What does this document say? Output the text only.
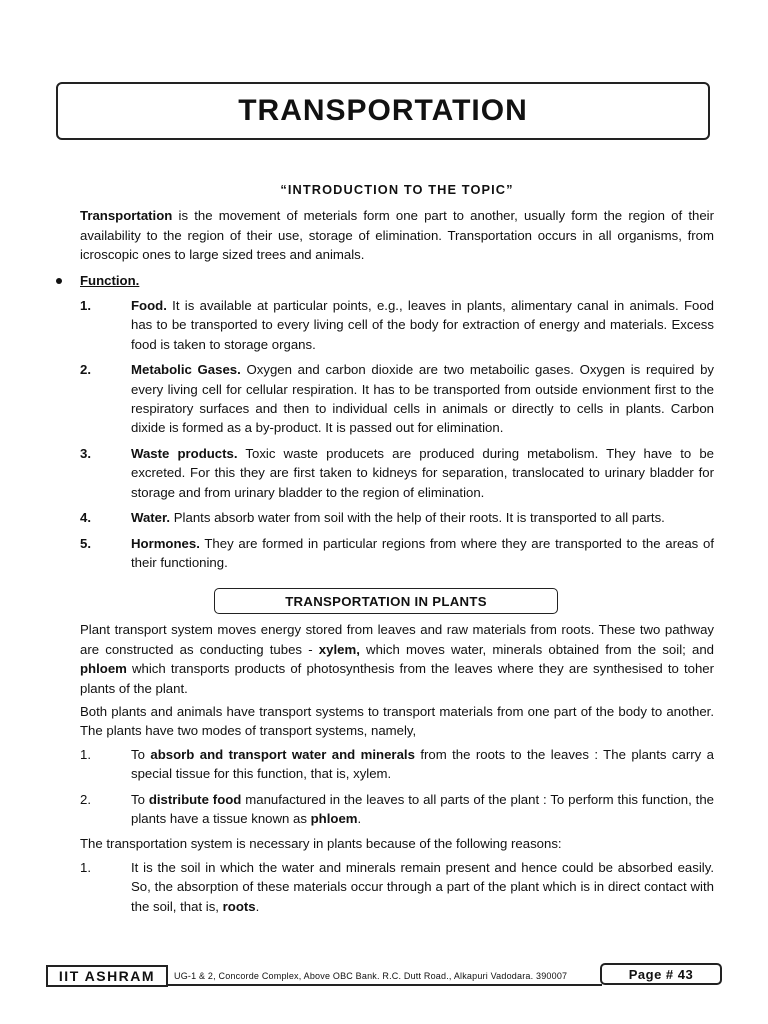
TRANSPORTATION
“INTRODUCTION TO THE TOPIC”

Transportation is the movement of meterials form one part to another, usually form the region of their availability to the region of their use, storage of elimination. Transportation occurs in all organisms, from icroscopic ones to large sized trees and animals.

Function.
1.	Food. It is available at particular points, e.g., leaves in plants, alimentary canal in animals. Food has to be transported to every living cell of the body for extraction of energy and materials. Excess food is taken to storage organs.
2.	Metabolic Gases. Oxygen and carbon dioxide are two metaboilic gases. Oxygen is required by every living cell for cellular respiration. It has to be transported from outside envionment first to the respiratory surfaces and then to individual cells in animals or directly to cells in plants. Carbon dixide is formed as a by-product. It is passed out for elimination.
3.	Waste products. Toxic waste producets are produced during metabolism. They have to be excreted. For this they are first taken to kidneys for separation, translocated to urinary bladder for storage and from urinary bladder to the region of elimination.
4.	Water. Plants absorb water from soil with the help of their roots. It is transported to all parts.
5.	Hormones. They are formed in particular regions from where they are transported to the areas of their functioning.
TRANSPORTATION IN PLANTS

Plant transport system moves energy stored from leaves and raw materials from roots. These two pathway are constructed as conducting tubes - xylem, which moves water, minerals obtained from the soil; and phloem which transports products of photosynthesis from the leaves where they are synthesised to toher plants of the plant.

Both plants and animals have transport systems to transport materials from one part of the body to another. The plants have two modes of transport systems, namely,

1.	To absorb and transport water and minerals from the roots to the leaves : The plants carry a special tissue for this function, that is, xylem.
2.	To distribute food manufactured in the leaves to all parts of the plant : To perform this function, the plants have a tissue known as phloem.

The transportation system is necessary in plants because of the following reasons:

1.	It is the soil in which the water and minerals remain present and hence could be absorbed easily. So, the absorption of these materials occur through a part of the plant which is in direct contact with the soil, that is, roots.
IIT ASHRAM UG-1 & 2, Concorde Complex, Above OBC Bank. R.C. Dutt Road., Alkapuri Vadodara. 390007	Page # 43
